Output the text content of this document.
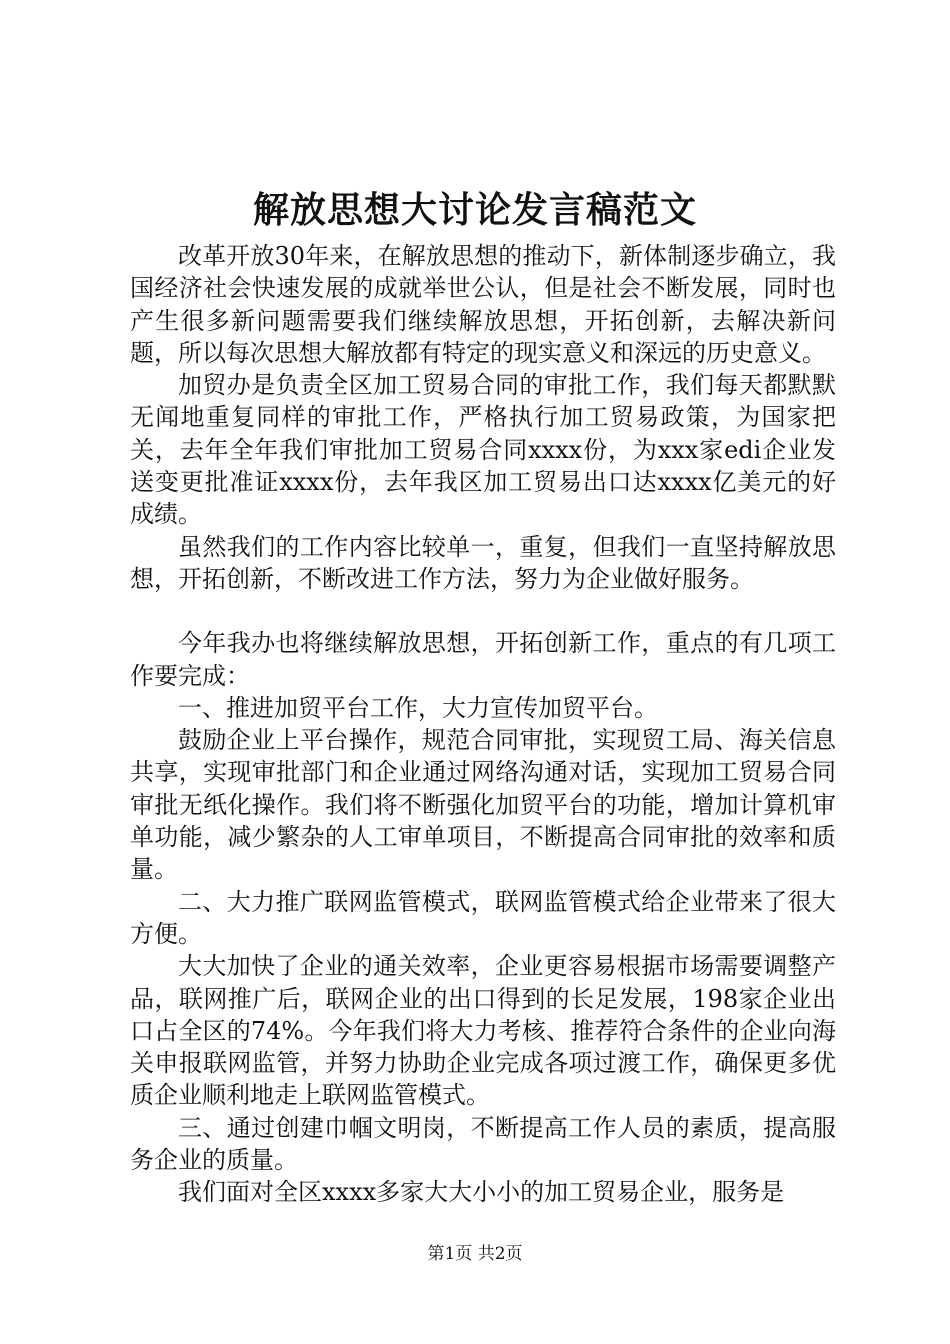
解放思想大讨论发言稿范文

改革开放30年来，在解放思想的推动下，新体制逐步确立，我国经济社会快速发展的成就举世公认，但是社会不断发展，同时也产生很多新问题需要我们继续解放思想，开拓创新，去解决新问题，所以每次思想大解放都有特定的现实意义和深远的历史意义。

加贸办是负责全区加工贸易合同的审批工作，我们每天都默默无闻地重复同样的审批工作，严格执行加工贸易政策，为国家把关，去年全年我们审批加工贸易合同xxxx份，为xxx家edi企业发送变更批准证xxxx份，去年我区加工贸易出口达xxxx亿美元的好成绩。

虽然我们的工作内容比较单一，重复，但我们一直坚持解放思想，开拓创新，不断改进工作方法，努力为企业做好服务。

今年我办也将继续解放思想，开拓创新工作，重点的有几项工作要完成：

一、推进加贸平台工作，大力宣传加贸平台。

鼓励企业上平台操作，规范合同审批，实现贸工局、海关信息共享，实现审批部门和企业通过网络沟通对话，实现加工贸易合同审批无纸化操作。我们将不断强化加贸平台的功能，增加计算机审单功能，减少繁杂的人工审单项目，不断提高合同审批的效率和质量。

二、大力推广联网监管模式，联网监管模式给企业带来了很大方便。

大大加快了企业的通关效率，企业更容易根据市场需要调整产品，联网推广后，联网企业的出口得到的长足发展，198家企业出口占全区的74%。今年我们将大力考核、推荐符合条件的企业向海关申报联网监管，并努力协助企业完成各项过渡工作，确保更多优质企业顺利地走上联网监管模式。

三、通过创建巾帼文明岗，不断提高工作人员的素质，提高服务企业的质量。

我们面对全区xxxx多家大大小小的加工贸易企业，服务是

第1页 共2页
